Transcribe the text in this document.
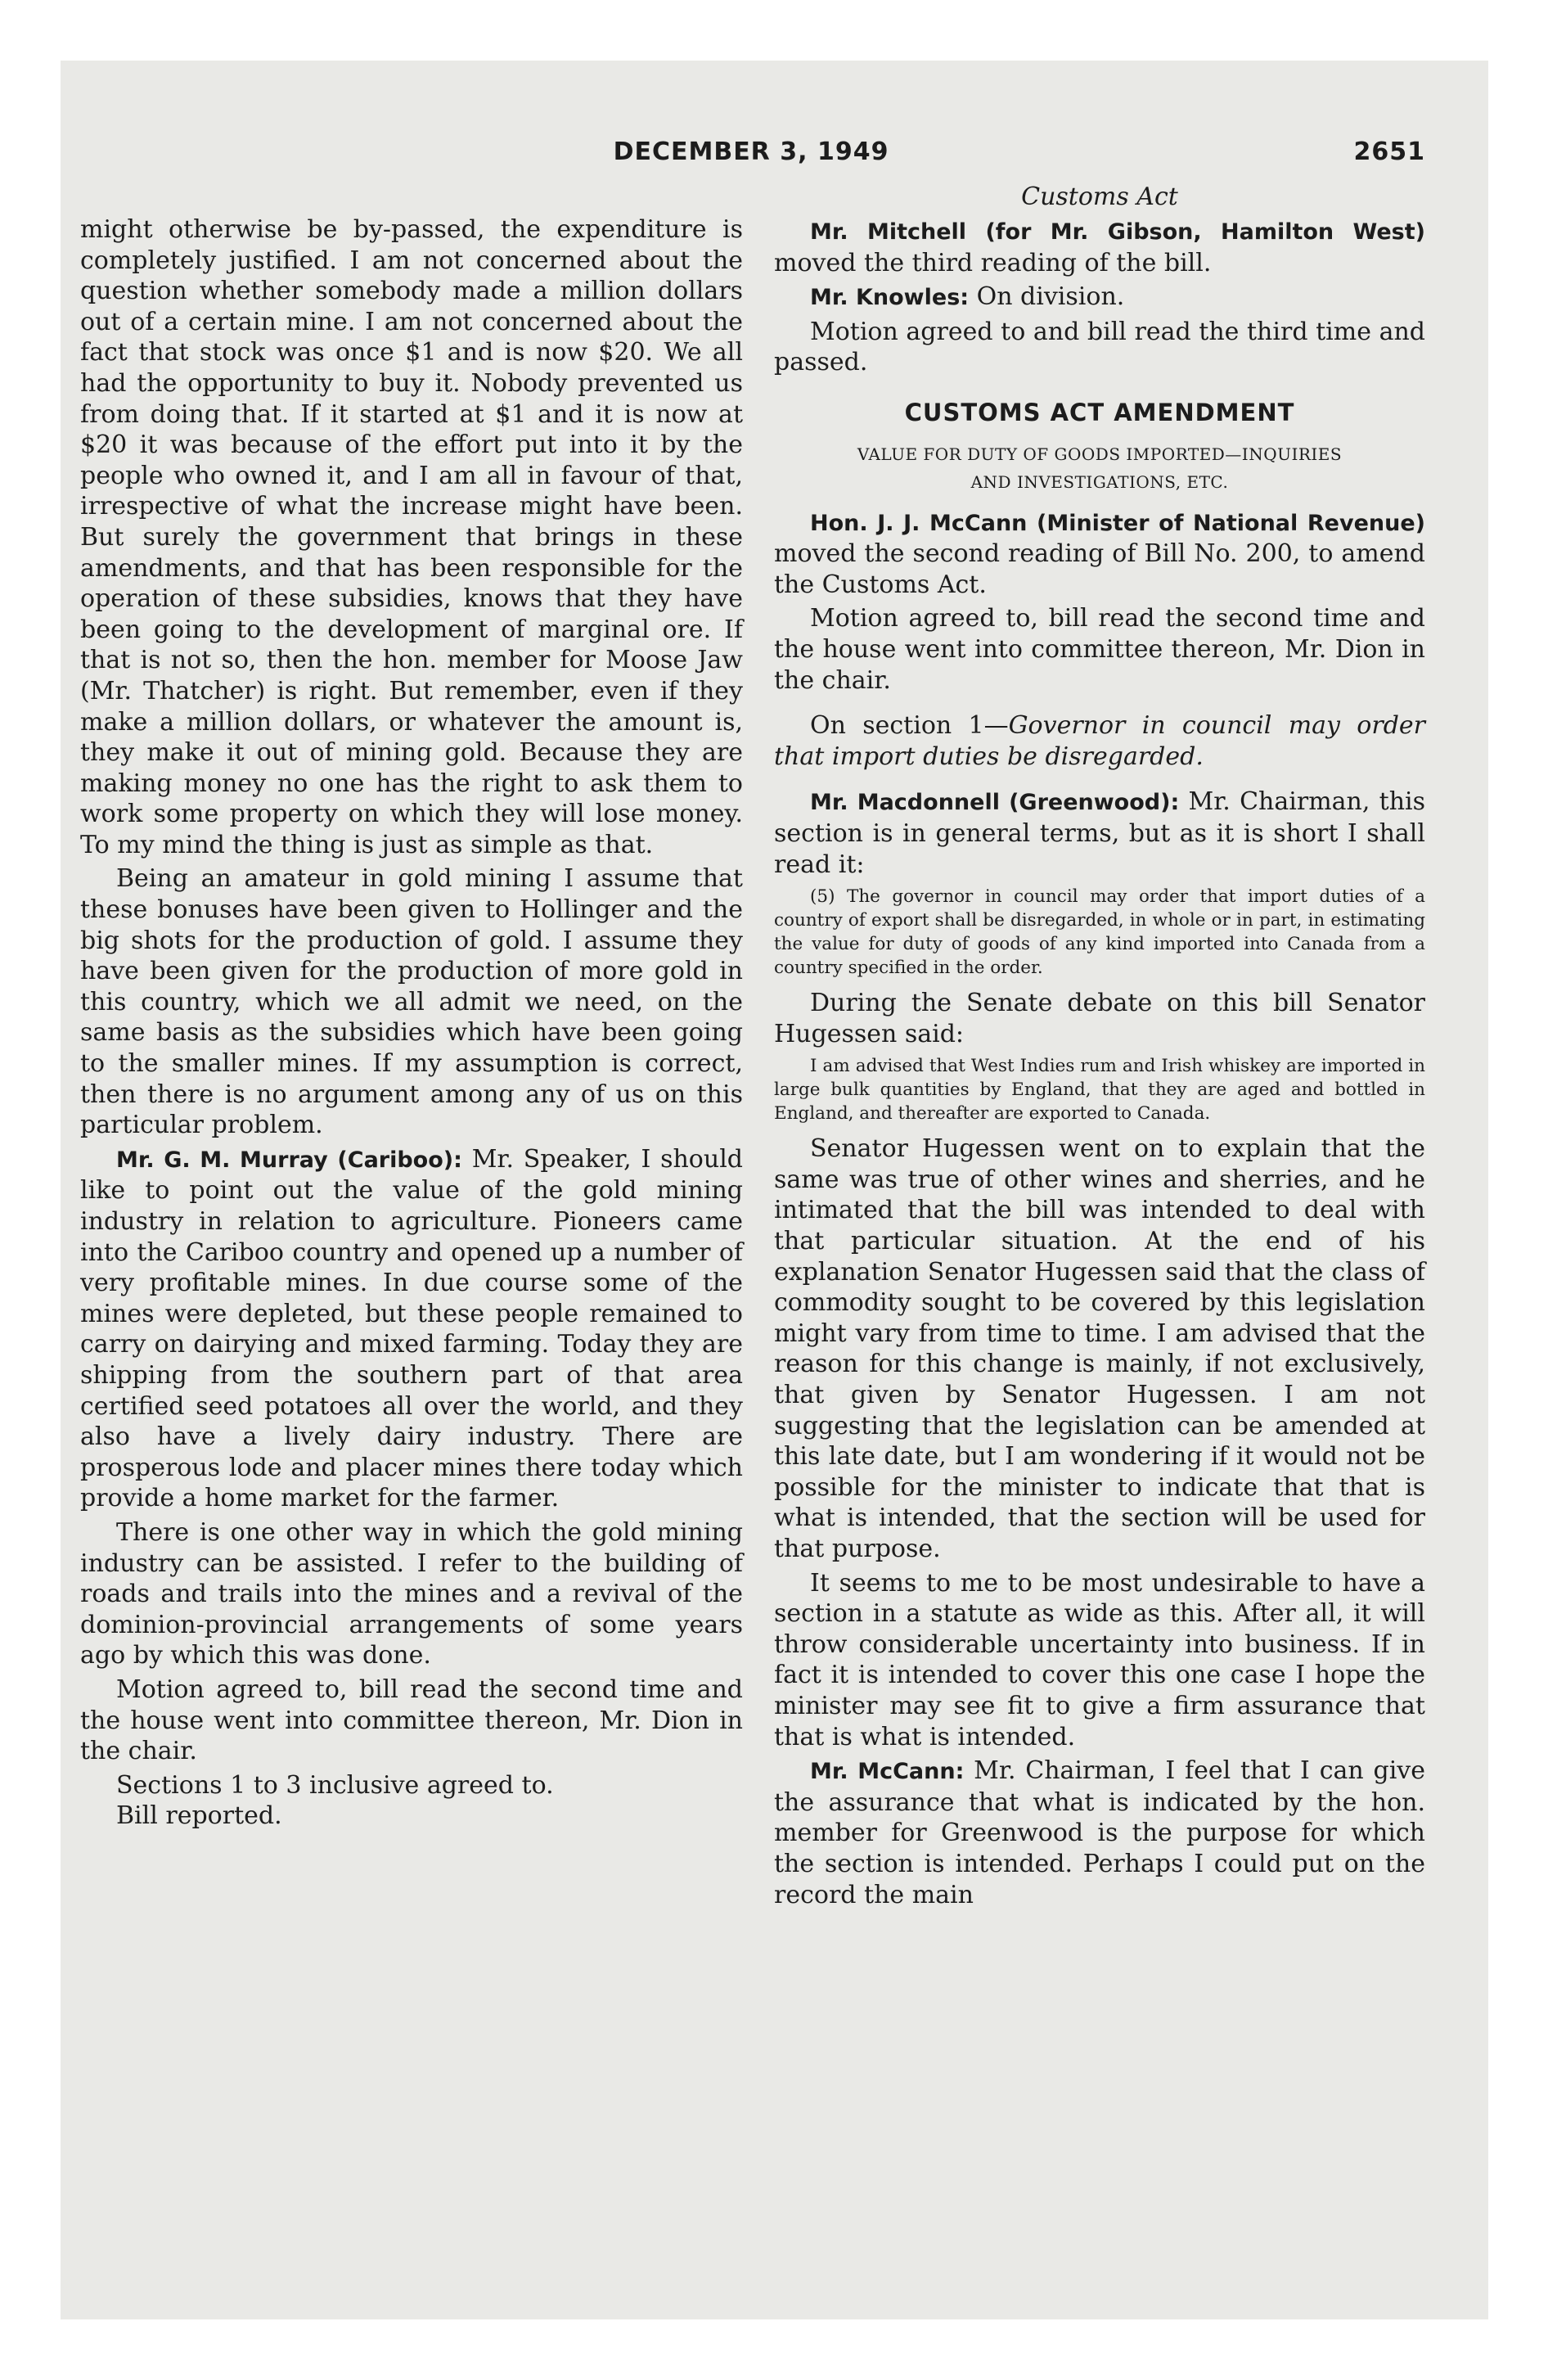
DECEMBER 3, 1949	2651

might otherwise be by-passed, the expenditure is completely justified. I am not concerned about the question whether somebody made a million dollars out of a certain mine. I am not concerned about the fact that stock was once $1 and is now $20. We all had the opportunity to buy it. Nobody prevented us from doing that. If it started at $1 and it is now at $20 it was because of the effort put into it by the people who owned it, and I am all in favour of that, irrespective of what the increase might have been. But surely the government that brings in these amendments, and that has been responsible for the operation of these subsidies, knows that they have been going to the development of marginal ore. If that is not so, then the hon. member for Moose Jaw (Mr. Thatcher) is right. But remember, even if they make a million dollars, or whatever the amount is, they make it out of mining gold. Because they are making money no one has the right to ask them to work some property on which they will lose money. To my mind the thing is just as simple as that.

Being an amateur in gold mining I assume that these bonuses have been given to Hollinger and the big shots for the production of gold. I assume they have been given for the production of more gold in this country, which we all admit we need, on the same basis as the subsidies which have been going to the smaller mines. If my assumption is correct, then there is no argument among any of us on this particular problem.

Mr. G. M. Murray (Cariboo): Mr. Speaker, I should like to point out the value of the gold mining industry in relation to agriculture. Pioneers came into the Cariboo country and opened up a number of very profitable mines. In due course some of the mines were depleted, but these people remained to carry on dairying and mixed farming. Today they are shipping from the southern part of that area certified seed potatoes all over the world, and they also have a lively dairy industry. There are prosperous lode and placer mines there today which provide a home market for the farmer.

There is one other way in which the gold mining industry can be assisted. I refer to the building of roads and trails into the mines and a revival of the dominion-provincial arrangements of some years ago by which this was done.

Motion agreed to, bill read the second time and the house went into committee thereon, Mr. Dion in the chair.

Sections 1 to 3 inclusive agreed to.

Bill reported.

Customs Act

Mr. Mitchell (for Mr. Gibson, Hamilton West) moved the third reading of the bill.

Mr. Knowles: On division.

Motion agreed to and bill read the third time and passed.

CUSTOMS ACT AMENDMENT
VALUE FOR DUTY OF GOODS IMPORTED—INQUIRIES
AND INVESTIGATIONS, ETC.

Hon. J. J. McCann (Minister of National Revenue) moved the second reading of Bill No. 200, to amend the Customs Act.

Motion agreed to, bill read the second time and the house went into committee thereon, Mr. Dion in the chair.

On section 1—Governor in council may order that import duties be disregarded.

Mr. Macdonnell (Greenwood): Mr. Chairman, this section is in general terms, but as it is short I shall read it:

(5) The governor in council may order that import duties of a country of export shall be disregarded, in whole or in part, in estimating the value for duty of goods of any kind imported into Canada from a country specified in the order.

During the Senate debate on this bill Senator Hugessen said:

I am advised that West Indies rum and Irish whiskey are imported in large bulk quantities by England, that they are aged and bottled in England, and thereafter are exported to Canada.

Senator Hugessen went on to explain that the same was true of other wines and sherries, and he intimated that the bill was intended to deal with that particular situation. At the end of his explanation Senator Hugessen said that the class of commodity sought to be covered by this legislation might vary from time to time. I am advised that the reason for this change is mainly, if not exclusively, that given by Senator Hugessen. I am not suggesting that the legislation can be amended at this late date, but I am wondering if it would not be possible for the minister to indicate that that is what is intended, that the section will be used for that purpose.

It seems to me to be most undesirable to have a section in a statute as wide as this. After all, it will throw considerable uncertainty into business. If in fact it is intended to cover this one case I hope the minister may see fit to give a firm assurance that that is what is intended.

Mr. McCann: Mr. Chairman, I feel that I can give the assurance that what is indicated by the hon. member for Greenwood is the purpose for which the section is intended. Perhaps I could put on the record the main
